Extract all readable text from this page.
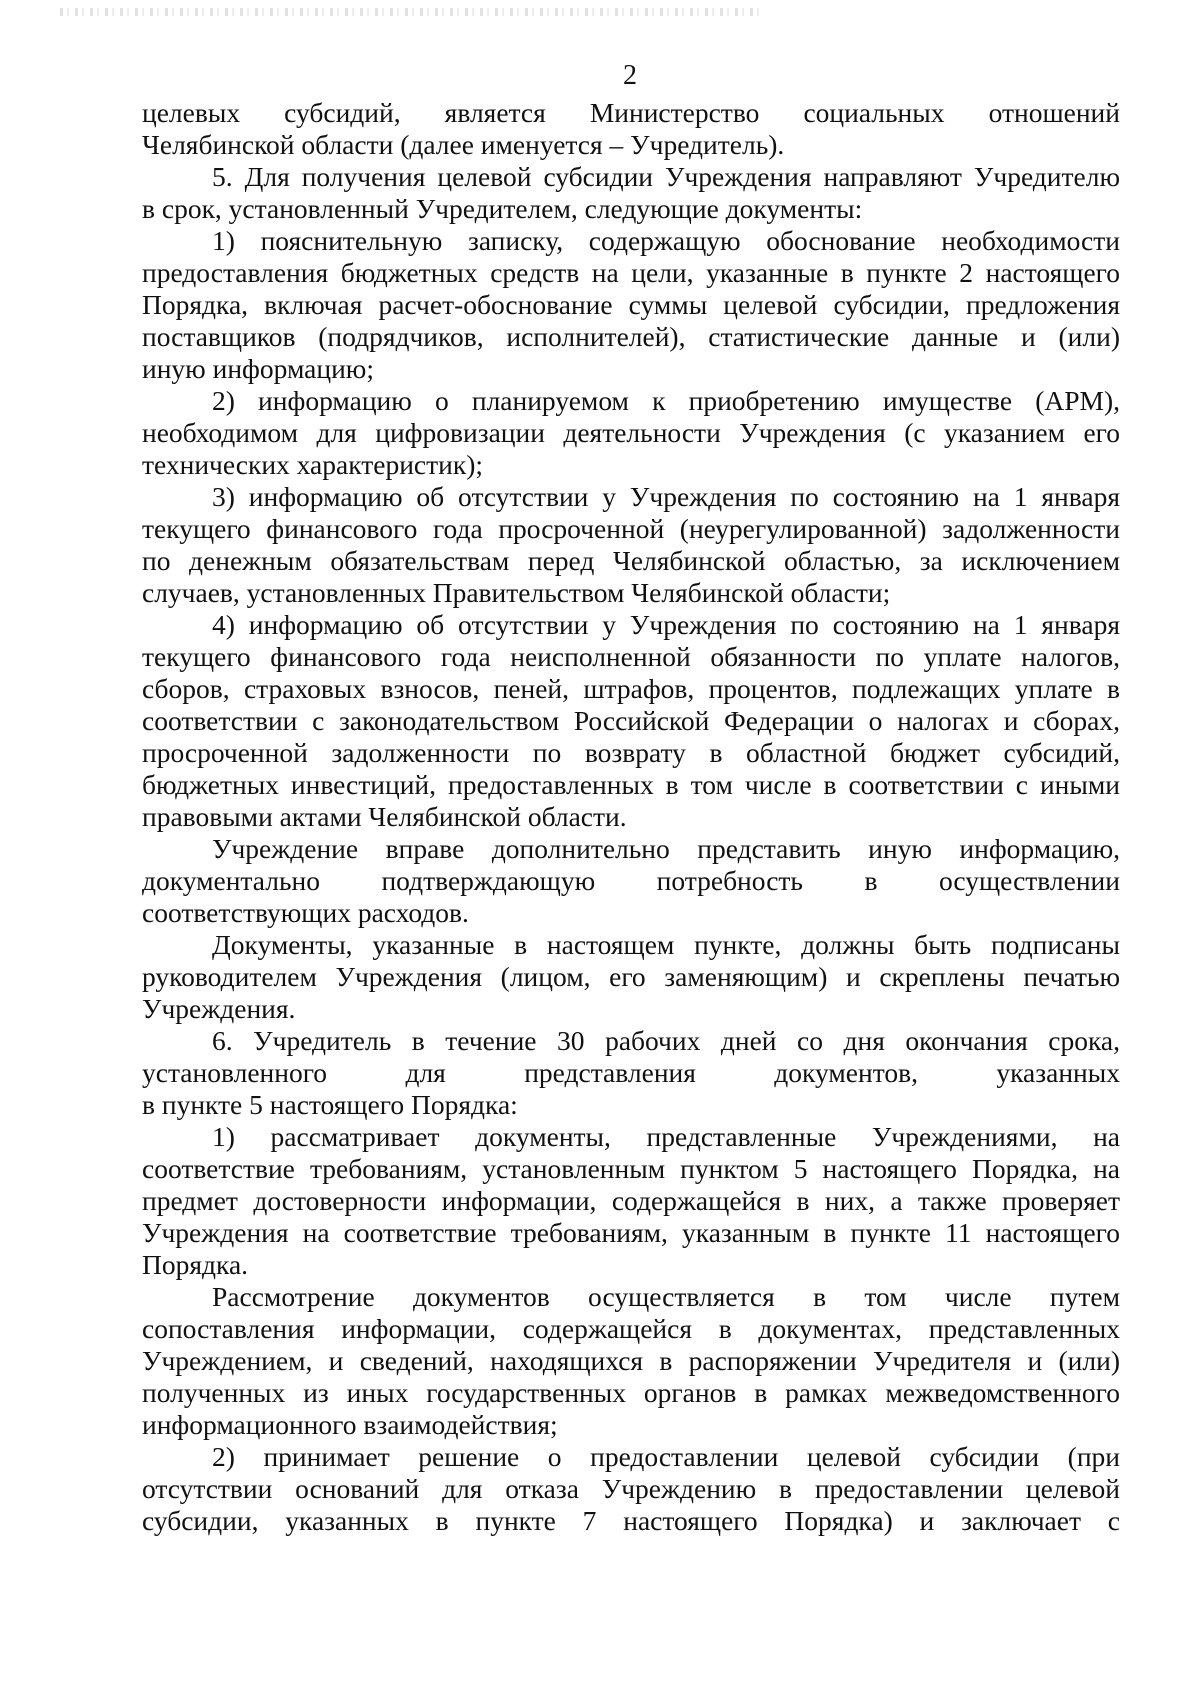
2

целевых субсидий, является Министерство социальных отношений
Челябинской области (далее именуется – Учредитель).
5. Для получения целевой субсидии Учреждения направляют Учредителю
в срок, установленный Учредителем, следующие документы:
1) пояснительную записку, содержащую обоснование необходимости
предоставления бюджетных средств на цели, указанные в пункте 2 настоящего
Порядка, включая расчет-обоснование суммы целевой субсидии, предложения
поставщиков (подрядчиков, исполнителей), статистические данные и (или)
иную информацию;
2) информацию о планируемом к приобретению имуществе (АРМ),
необходимом для цифровизации деятельности Учреждения (с указанием его
технических характеристик);
3) информацию об отсутствии у Учреждения по состоянию на 1 января
текущего финансового года просроченной (неурегулированной) задолженности
по денежным обязательствам перед Челябинской областью, за исключением
случаев, установленных Правительством Челябинской области;
4) информацию об отсутствии у Учреждения по состоянию на 1 января
текущего финансового года неисполненной обязанности по уплате налогов,
сборов, страховых взносов, пеней, штрафов, процентов, подлежащих уплате в
соответствии с законодательством Российской Федерации о налогах и сборах,
просроченной задолженности по возврату в областной бюджет субсидий,
бюджетных инвестиций, предоставленных в том числе в соответствии с иными
правовыми актами Челябинской области.
Учреждение вправе дополнительно представить иную информацию,
документально подтверждающую потребность в осуществлении
соответствующих расходов.
Документы, указанные в настоящем пункте, должны быть подписаны
руководителем Учреждения (лицом, его заменяющим) и скреплены печатью
Учреждения.
6. Учредитель в течение 30 рабочих дней со дня окончания срока,
установленного для представления документов, указанных
в пункте 5 настоящего Порядка:
1) рассматривает документы, представленные Учреждениями, на
соответствие требованиям, установленным пунктом 5 настоящего Порядка, на
предмет достоверности информации, содержащейся в них, а также проверяет
Учреждения на соответствие требованиям, указанным в пункте 11 настоящего
Порядка.
Рассмотрение документов осуществляется в том числе путем
сопоставления информации, содержащейся в документах, представленных
Учреждением, и сведений, находящихся в распоряжении Учредителя и (или)
полученных из иных государственных органов в рамках межведомственного
информационного взаимодействия;
2) принимает решение о предоставлении целевой субсидии (при
отсутствии оснований для отказа Учреждению в предоставлении целевой
субсидии, указанных в пункте 7 настоящего Порядка) и заключает с
